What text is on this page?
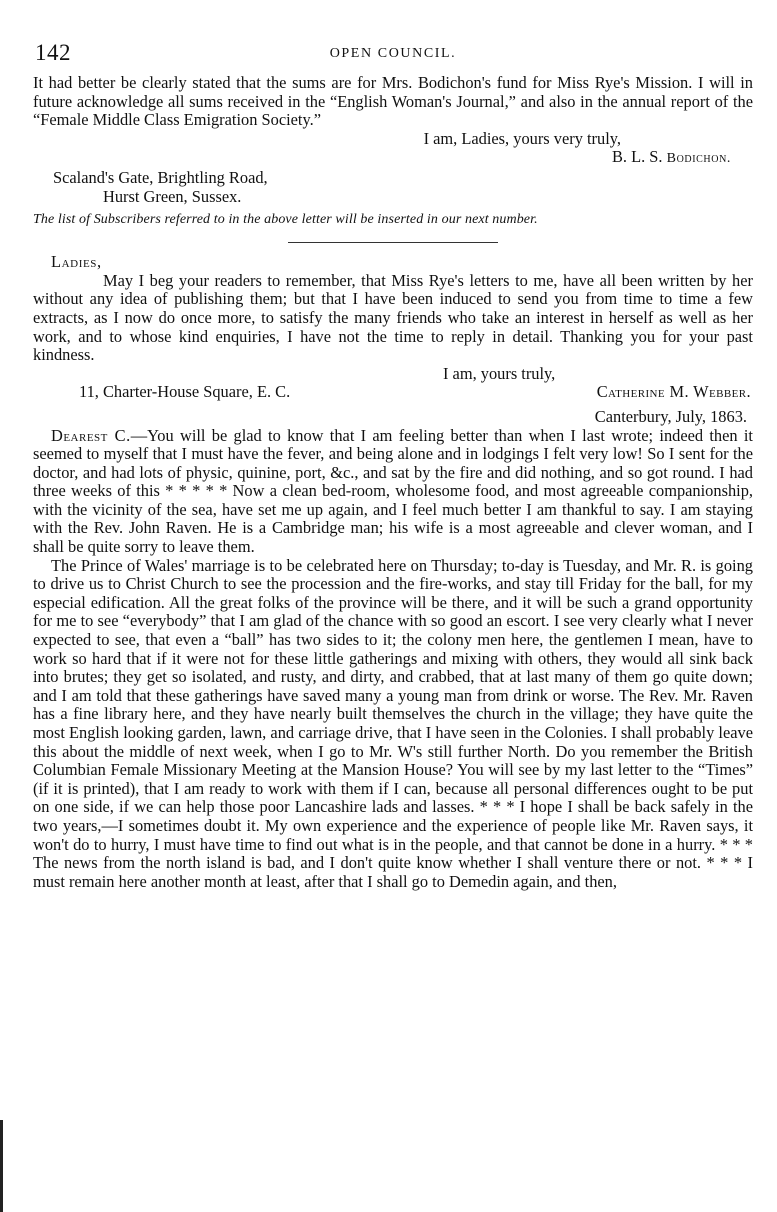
142	OPEN COUNCIL.

It had better be clearly stated that the sums are for Mrs. Bodichon's fund for Miss Rye's Mission. I will in future acknowledge all sums received in the “English Woman's Journal,” and also in the annual report of the “Female Middle Class Emigration Society.”

I am, Ladies, yours very truly,

B. L. S. Bodichon.

Scaland's Gate, Brightling Road,

Hurst Green, Sussex.

The list of Subscribers referred to in the above letter will be inserted in our next number.

Ladies,

May I beg your readers to remember, that Miss Rye's letters to me, have all been written by her without any idea of publishing them; but that I have been induced to send you from time to time a few extracts, as I now do once more, to satisfy the many friends who take an interest in herself as well as her work, and to whose kind enquiries, I have not the time to reply in detail. Thanking you for your past kindness.

I am, yours truly,

11, Charter-House Square, E. C.	Catherine M. Webber.

Canterbury, July, 1863.

Dearest C.—You will be glad to know that I am feeling better than when I last wrote; indeed then it seemed to myself that I must have the fever, and being alone and in lodgings I felt very low! So I sent for the doctor, and had lots of physic, quinine, port, &c., and sat by the fire and did nothing, and so got round. I had three weeks of this * * * * * Now a clean bed-room, wholesome food, and most agreeable companionship, with the vicinity of the sea, have set me up again, and I feel much better I am thankful to say. I am staying with the Rev. John Raven. He is a Cambridge man; his wife is a most agreeable and clever woman, and I shall be quite sorry to leave them.

The Prince of Wales' marriage is to be celebrated here on Thursday; to-day is Tuesday, and Mr. R. is going to drive us to Christ Church to see the procession and the fire-works, and stay till Friday for the ball, for my especial edification. All the great folks of the province will be there, and it will be such a grand opportunity for me to see “everybody” that I am glad of the chance with so good an escort. I see very clearly what I never expected to see, that even a “ball” has two sides to it; the colony men here, the gentlemen I mean, have to work so hard that if it were not for these little gatherings and mixing with others, they would all sink back into brutes; they get so isolated, and rusty, and dirty, and crabbed, that at last many of them go quite down; and I am told that these gatherings have saved many a young man from drink or worse. The Rev. Mr. Raven has a fine library here, and they have nearly built themselves the church in the village; they have quite the most English looking garden, lawn, and carriage drive, that I have seen in the Colonies. I shall probably leave this about the middle of next week, when I go to Mr. W's still further North. Do you remember the British Columbian Female Missionary Meeting at the Mansion House? You will see by my last letter to the “Times” (if it is printed), that I am ready to work with them if I can, because all personal differences ought to be put on one side, if we can help those poor Lancashire lads and lasses. * * * I hope I shall be back safely in the two years,—I sometimes doubt it. My own experience and the experience of people like Mr. Raven says, it won't do to hurry, I must have time to find out what is in the people, and that cannot be done in a hurry. * * * The news from the north island is bad, and I don't quite know whether I shall venture there or not. * * * I must remain here another month at least, after that I shall go to Demedin again, and then,
